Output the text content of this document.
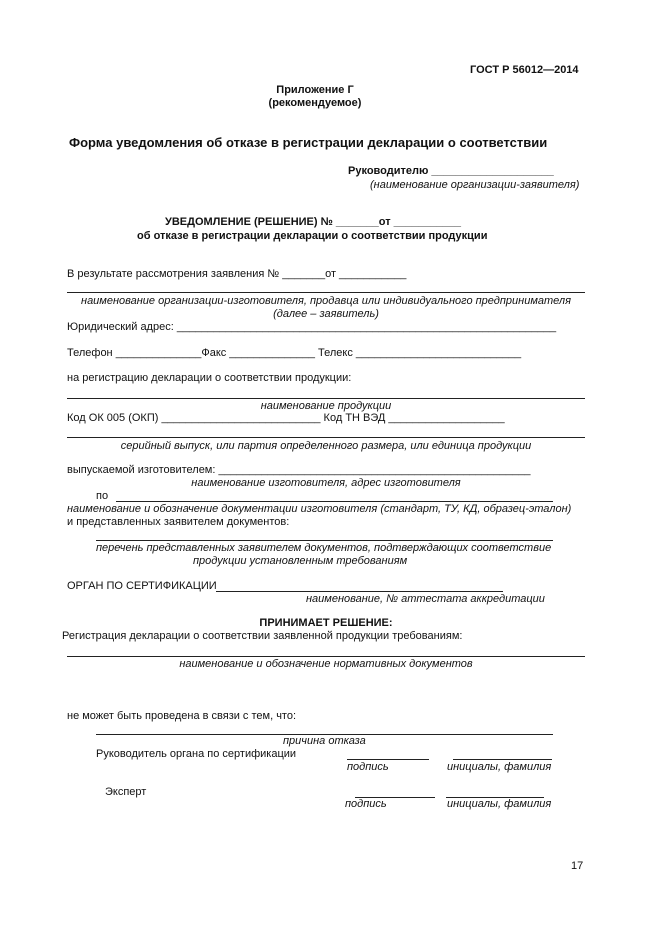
ГОСТ Р 56012—2014
Приложение Г
(рекомендуемое)
Форма уведомления об отказе в регистрации декларации о соответствии
Руководителю ____________________
(наименование организации-заявителя)
УВЕДОМЛЕНИЕ (РЕШЕНИЕ) № _______от ___________
об отказе в регистрации декларации о соответствии продукции
В результате рассмотрения заявления № _______от ___________
наименование организации-изготовителя, продавца или индивидуального предпринимателя
(далее – заявитель)
Юридический адрес: ______________________________________________________________
Телефон ______________Факс ______________ Телекс ___________________________
на регистрацию декларации о соответствии продукции:
наименование продукции
Код ОК 005 (ОКП) __________________________ Код ТН ВЭД ___________________
серийный выпуск, или партия определенного размера, или единица продукции
выпускаемой изготовителем: ___________________________________________________
наименование изготовителя, адрес изготовителя
по
наименование и обозначение документации изготовителя (стандарт, ТУ, КД, образец-эталон)
и представленных заявителем документов:
перечень представленных заявителем документов, подтверждающих соответствие
продукции установленным требованиям
ОРГАН ПО СЕРТИФИКАЦИИ
наименование, № аттестата аккредитации
ПРИНИМАЕТ РЕШЕНИЕ:
Регистрация декларации о соответствии заявленной продукции требованиям:
наименование и обозначение нормативных документов
не может быть проведена в связи с тем, что:
причина отказа
Руководитель органа по сертификации
подпись	инициалы, фамилия
Эксперт
подпись	инициалы, фамилия
17
